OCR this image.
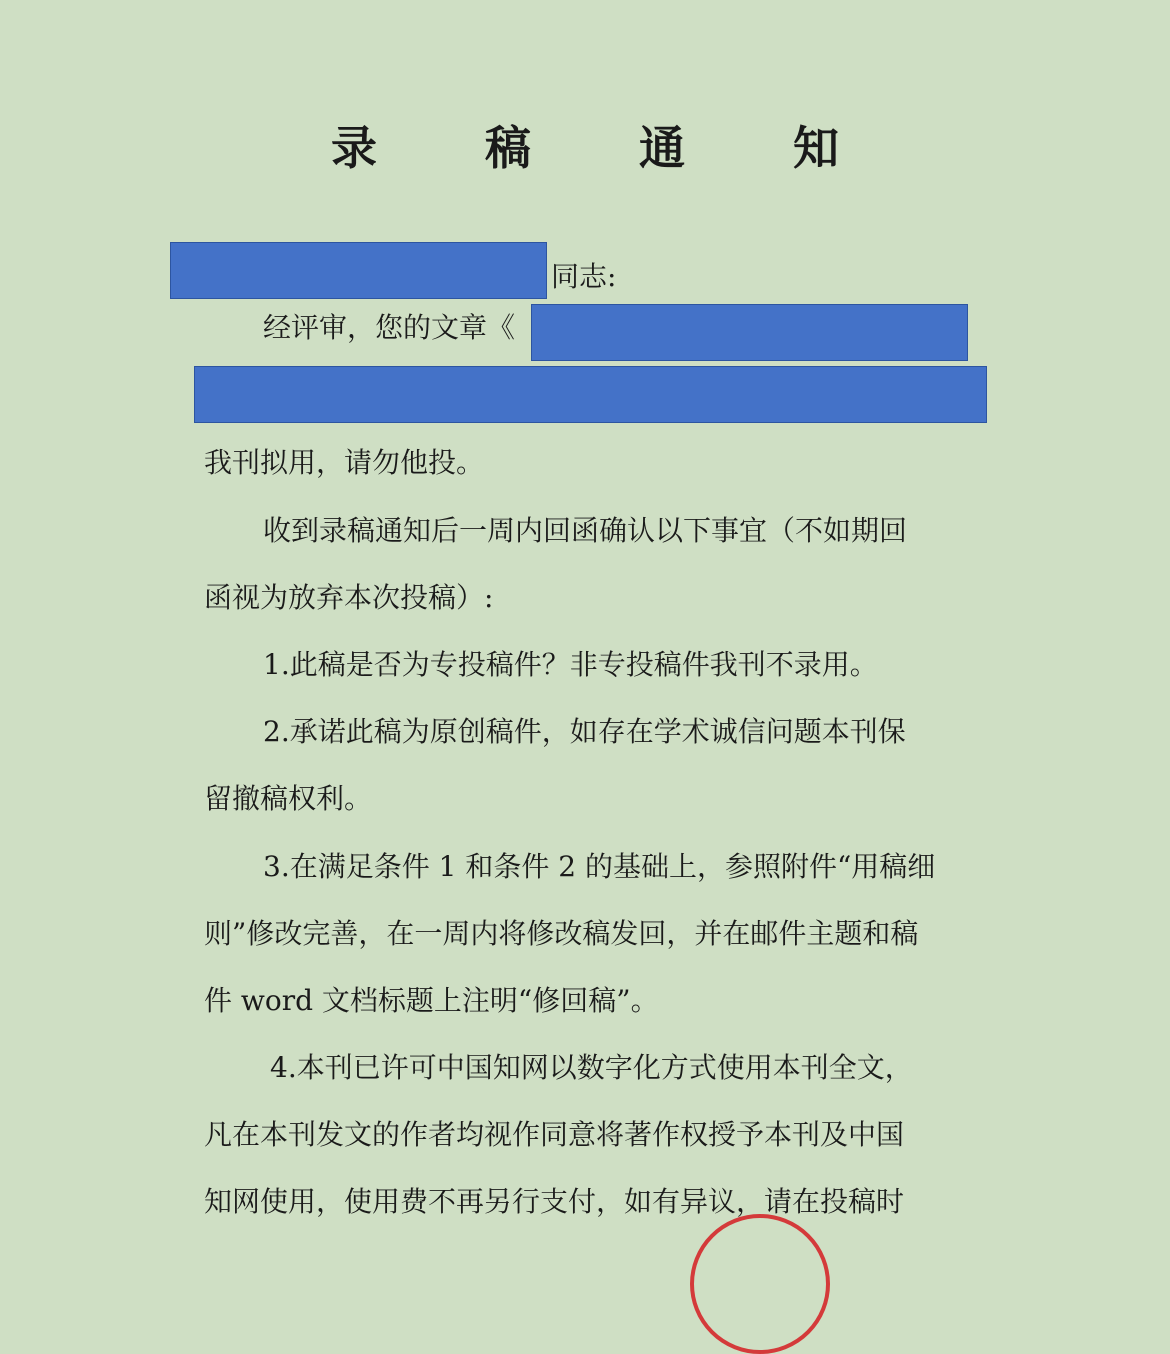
录 稿 通 知
同志:
经评审，您的文章《
我刊拟用，请勿他投。
收到录稿通知后一周内回函确认以下事宜（不如期回
函视为放弃本次投稿）:
1.此稿是否为专投稿件？非专投稿件我刊不录用。
2.承诺此稿为原创稿件，如存在学术诚信问题本刊保
留撤稿权利。
3.在满足条件 1 和条件 2 的基础上，参照附件“用稿细
则”修改完善，在一周内将修改稿发回，并在邮件主题和稿
件 word 文档标题上注明“修回稿”。
4.本刊已许可中国知网以数字化方式使用本刊全文，
凡在本刊发文的作者均视作同意将著作权授予本刊及中国
知网使用，使用费不再另行支付，如有异议，请在投稿时
